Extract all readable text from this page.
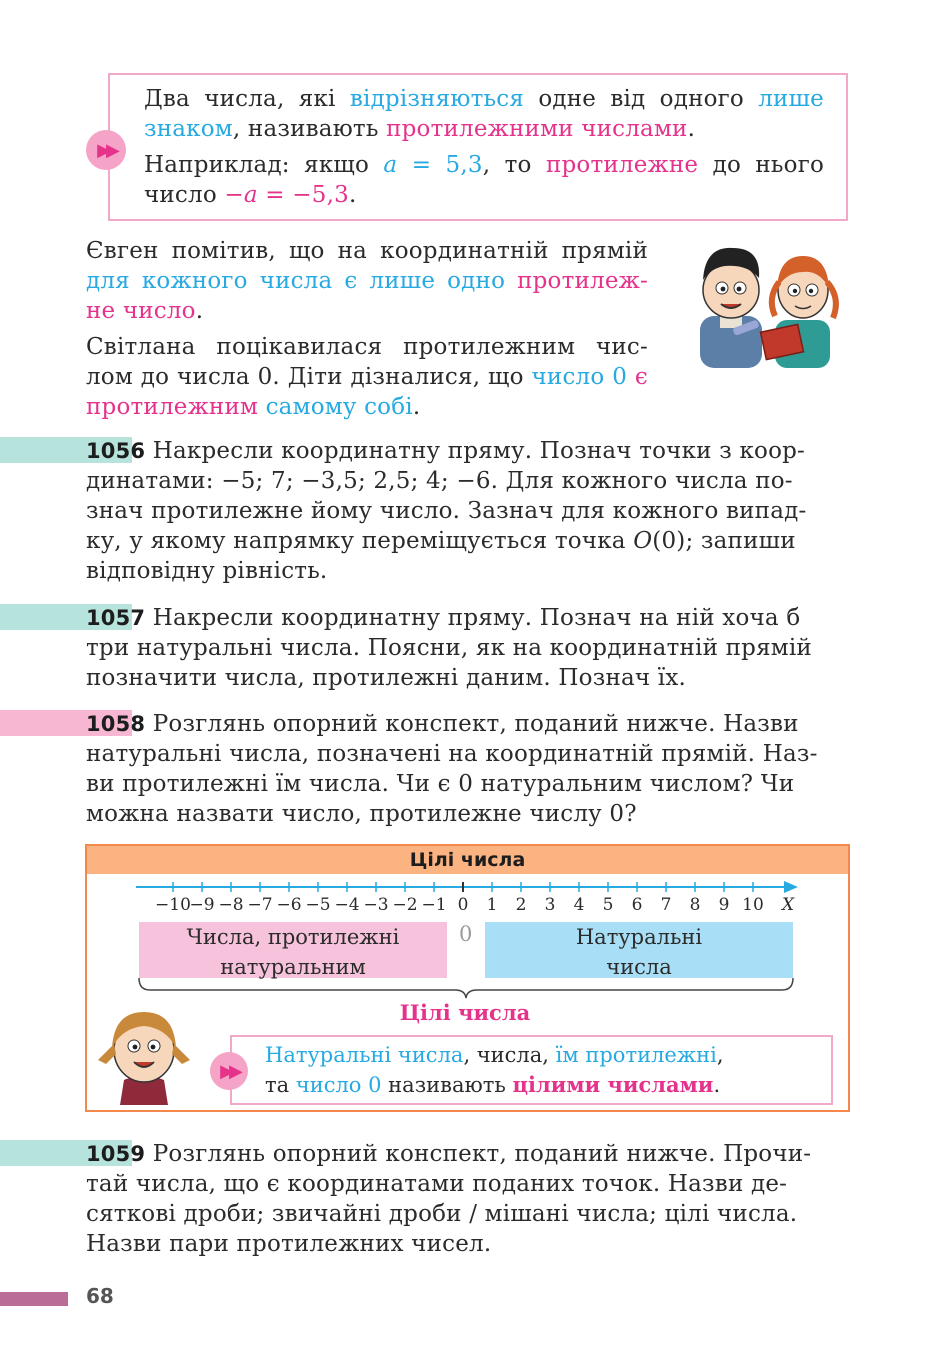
▶▶

Два числа, які відрізняються одне від одного лише знаком, називають протилежними числами.

Наприклад: якщо a = 5,3, то протилежне до нього число −a = −5,3.

Євген помітив, що на координатній прямій для кожного числа є лише одно протилеж- не число.

Світлана поцікавилася протилежним чис- лом до числа 0. Діти дізналися, що число 0 є протилежним самому собі.

1056 Накресли координатну пряму. Познач точки з коор-
динатами: −5; 7; −3,5; 2,5; 4; −6. Для кожного числа по-
знач протилежне йому число. Зазнач для кожного випад-
ку, у якому напрямку переміщується точка O(0); запиши
відповідну рівність.
1057 Накресли координатну пряму. Познач на ній хоча б
три натуральні числа. Поясни, як на координатній прямій
позначити числа, протилежні даним. Познач їх.
1058 Розглянь опорний конспект, поданий нижче. Назви
натуральні числа, позначені на координатній прямій. Наз-
ви протилежні їм числа. Чи є 0 натуральним числом? Чи
можна назвати число, протилежне числу 0?
Цілі числа
−10
−9 −8 −7 −6 −5 −4 −3 −2 −1 0 1 2 3 4 5 6 7 8 9 10 X
Числа, протилежні
натуральним
0	Натуральні
числа
Цілі числа
▶▶
Натуральні числа, числа, їм протилежні,
та число 0 називають цілими числами.
1059 Розглянь опорний конспект, поданий нижче. Прочи-
тай числа, що є координатами поданих точок. Назви де-
сяткові дроби; звичайні дроби / мішані числа; цілі числа.
Назви пари протилежних чисел.
68
